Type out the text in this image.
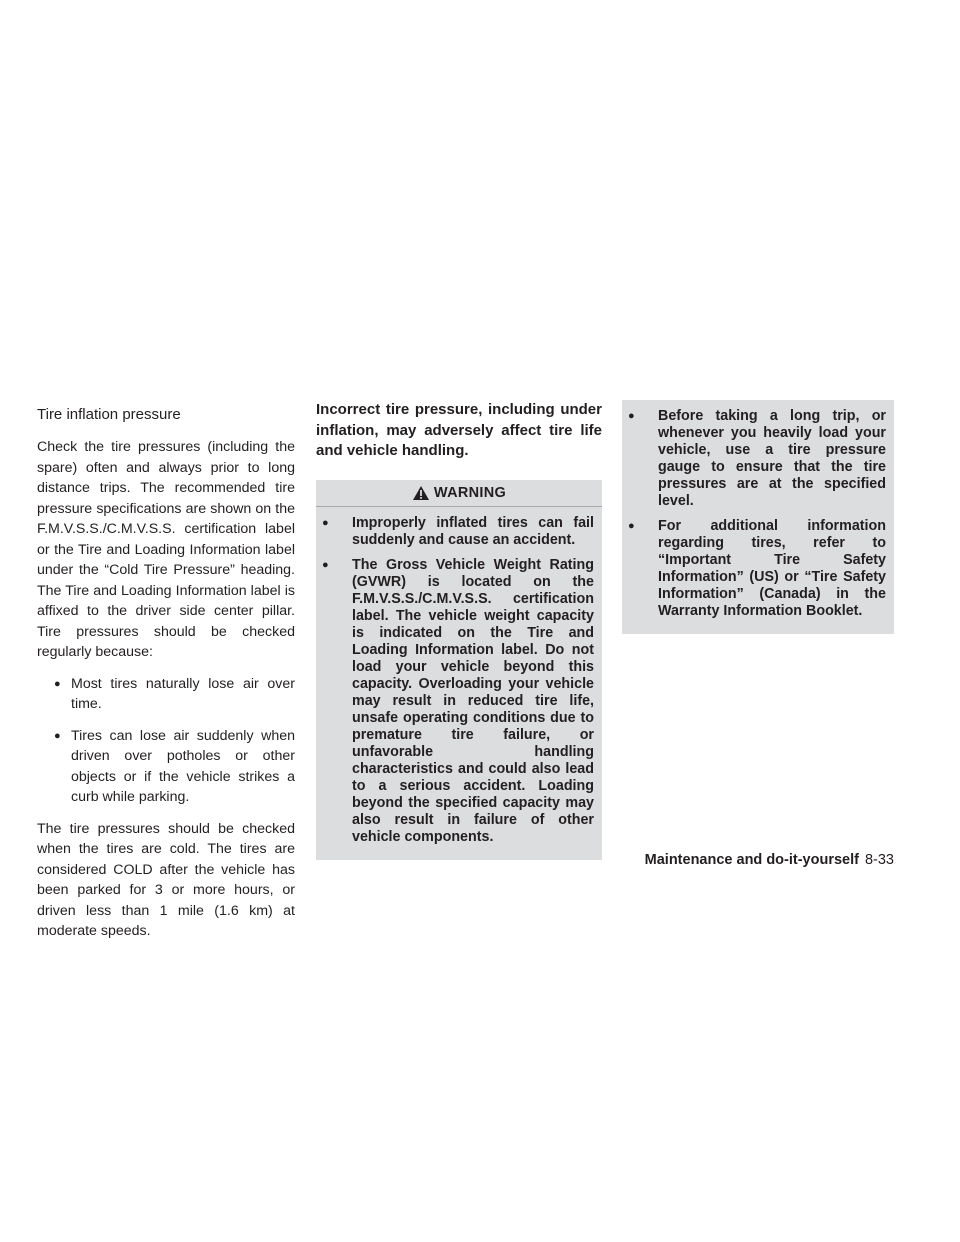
Tire inflation pressure

Check the tire pressures (including the spare) often and always prior to long distance trips. The recommended tire pressure specifications are shown on the F.M.V.S.S./C.M.V.S.S. certification label or the Tire and Loading Information label under the “Cold Tire Pressure” heading. The Tire and Loading Information label is affixed to the driver side center pillar. Tire pressures should be checked regularly because:

● Most tires naturally lose air over time.
● Tires can lose air suddenly when driven over potholes or other objects or if the vehicle strikes a curb while parking.

The tire pressures should be checked when the tires are cold. The tires are considered COLD after the vehicle has been parked for 3 or more hours, or driven less than 1 mile (1.6 km) at moderate speeds.

Incorrect tire pressure, including under inflation, may adversely affect tire life and vehicle handling.
WARNING
● Improperly inflated tires can fail suddenly and cause an accident.
● The Gross Vehicle Weight Rating (GVWR) is located on the F.M.V.S.S./C.M.V.S.S. certification label. The vehicle weight capacity is indicated on the Tire and Loading Information label. Do not load your vehicle beyond this capacity. Overloading your vehicle may result in reduced tire life, unsafe operating conditions due to premature tire failure, or unfavorable handling characteristics and could also lead to a serious accident. Loading beyond the specified capacity may also result in failure of other vehicle components.
● Before taking a long trip, or whenever you heavily load your vehicle, use a tire pressure gauge to ensure that the tire pressures are at the specified level.
● For additional information regarding tires, refer to “Important Tire Safety Information” (US) or “Tire Safety Information” (Canada) in the Warranty Information Booklet.
Maintenance and do-it-yourself 8-33
